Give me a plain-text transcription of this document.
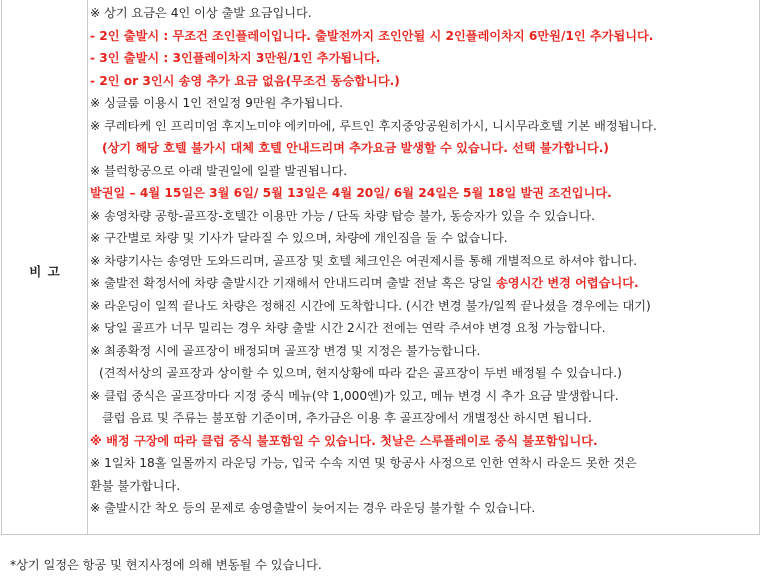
비 고
※ 상기 요금은 4인 이상 출발 요금입니다.
- 2인 출발시 : 무조건 조인플레이입니다. 출발전까지 조인안될 시 2인플레이차지 6만원/1인 추가됩니다.
- 3인 출발시 : 3인플레이차지 3만원/1인 추가됩니다.
- 2인 or 3인시 송영 추가 요금 없음(무조건 동승합니다.)
※ 싱글룸 이용시 1인 전일정 9만원 추가됩니다.
※ 쿠레타케 인 프리미엄 후지노미야 에키마에, 루트인 후지중앙공원히가시, 니시무라호텔 기본 배정됩니다.
(상기 해당 호텔 불가시 대체 호텔 안내드리며 추가요금 발생할 수 있습니다. 선택 불가합니다.)
※ 블럭항공으로 아래 발권일에 일괄 발권됩니다.
발권일 – 4월 15일은 3월 6일/ 5월 13일은 4월 20일/ 6월 24일은 5월 18일 발권 조건입니다.
※ 송영차량 공항-골프장-호텔간 이용만 가능 / 단독 차량 탑승 불가, 동승자가 있을 수 있습니다.
※ 구간별로 차량 및 기사가 달라질 수 있으며, 차량에 개인짐을 둘 수 없습니다.
※ 차량기사는 송영만 도와드리며, 골프장 및 호텔 체크인은 여권제시를 통해 개별적으로 하셔야 합니다.
※ 출발전 확정서에 차량 출발시간 기재해서 안내드리며 출발 전날 혹은 당일 송영시간 변경 어렵습니다.
※ 라운딩이 일찍 끝나도 차량은 정해진 시간에 도착합니다. (시간 변경 불가/일찍 끝나셨을 경우에는 대기)
※ 당일 골프가 너무 밀리는 경우 차량 출발 시간 2시간 전에는 연락 주셔야 변경 요청 가능합니다.
※ 최종확정 시에 골프장이 배정되며 골프장 변경 및 지정은 불가능합니다.
(견적서상의 골프장과 상이할 수 있으며, 현지상황에 따라 같은 골프장이 두번 배정될 수 있습니다.)
※ 클럽 중식은 골프장마다 지정 중식 메뉴(약 1,000엔)가 있고, 메뉴 변경 시 추가 요금 발생합니다.
클럽 음료 및 주류는 불포함 기준이며, 추가금은 이용 후 골프장에서 개별정산 하시면 됩니다.
※ 배정 구장에 따라 클럽 중식 불포함일 수 있습니다. 첫날은 스루플레이로 중식 불포함입니다.
※ 1일차 18홀 일몰까지 라운딩 가능, 입국 수속 지연 및 항공사 사정으로 인한 연착시 라운드 못한 것은
환불 불가합니다.
※ 출발시간 착오 등의 문제로 송영출발이 늦어지는 경우 라운딩 불가할 수 있습니다.
*상기 일정은 항공 및 현지사정에 의해 변동될 수 있습니다.
